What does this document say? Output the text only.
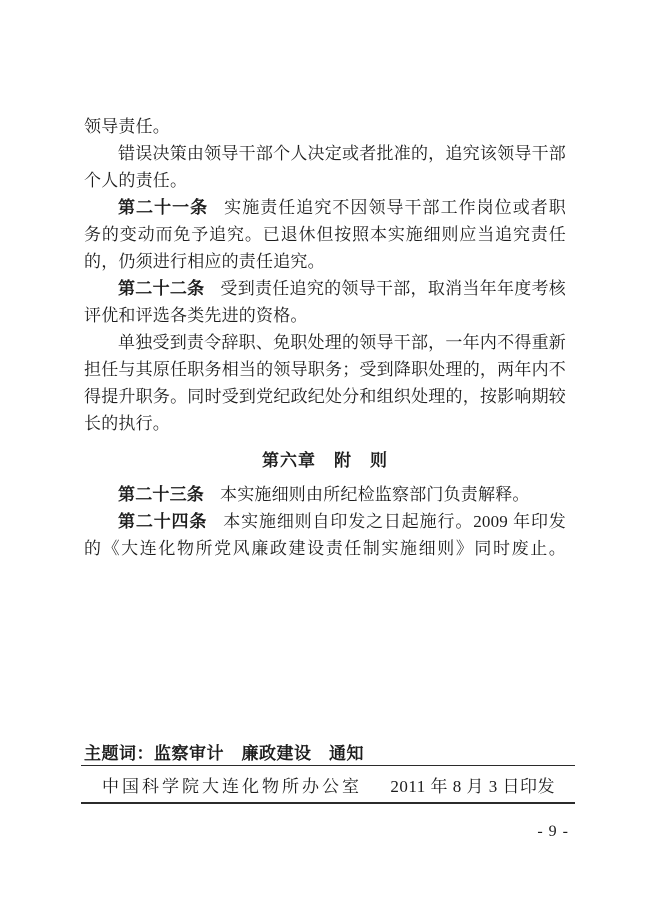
领导责任。
错误决策由领导干部个人决定或者批准的，追究该领导干部
个人的责任。
第二十一条 实施责任追究不因领导干部工作岗位或者职
务的变动而免予追究。已退休但按照本实施细则应当追究责任
的，仍须进行相应的责任追究。
第二十二条 受到责任追究的领导干部，取消当年年度考核
评优和评选各类先进的资格。
单独受到责令辞职、免职处理的领导干部，一年内不得重新
担任与其原任职务相当的领导职务；受到降职处理的，两年内不
得提升职务。同时受到党纪政纪处分和组织处理的，按影响期较
长的执行。
第六章　附　则
第二十三条 本实施细则由所纪检监察部门负责解释。
第二十四条 本实施细则自印发之日起施行。2009 年印发
的《大连化物所党风廉政建设责任制实施细则》同时废止。
主题词：监察审计　廉政建设　通知
中国科学院大连化物所办公室 2011 年 8 月 3 日印发
- 9 -
